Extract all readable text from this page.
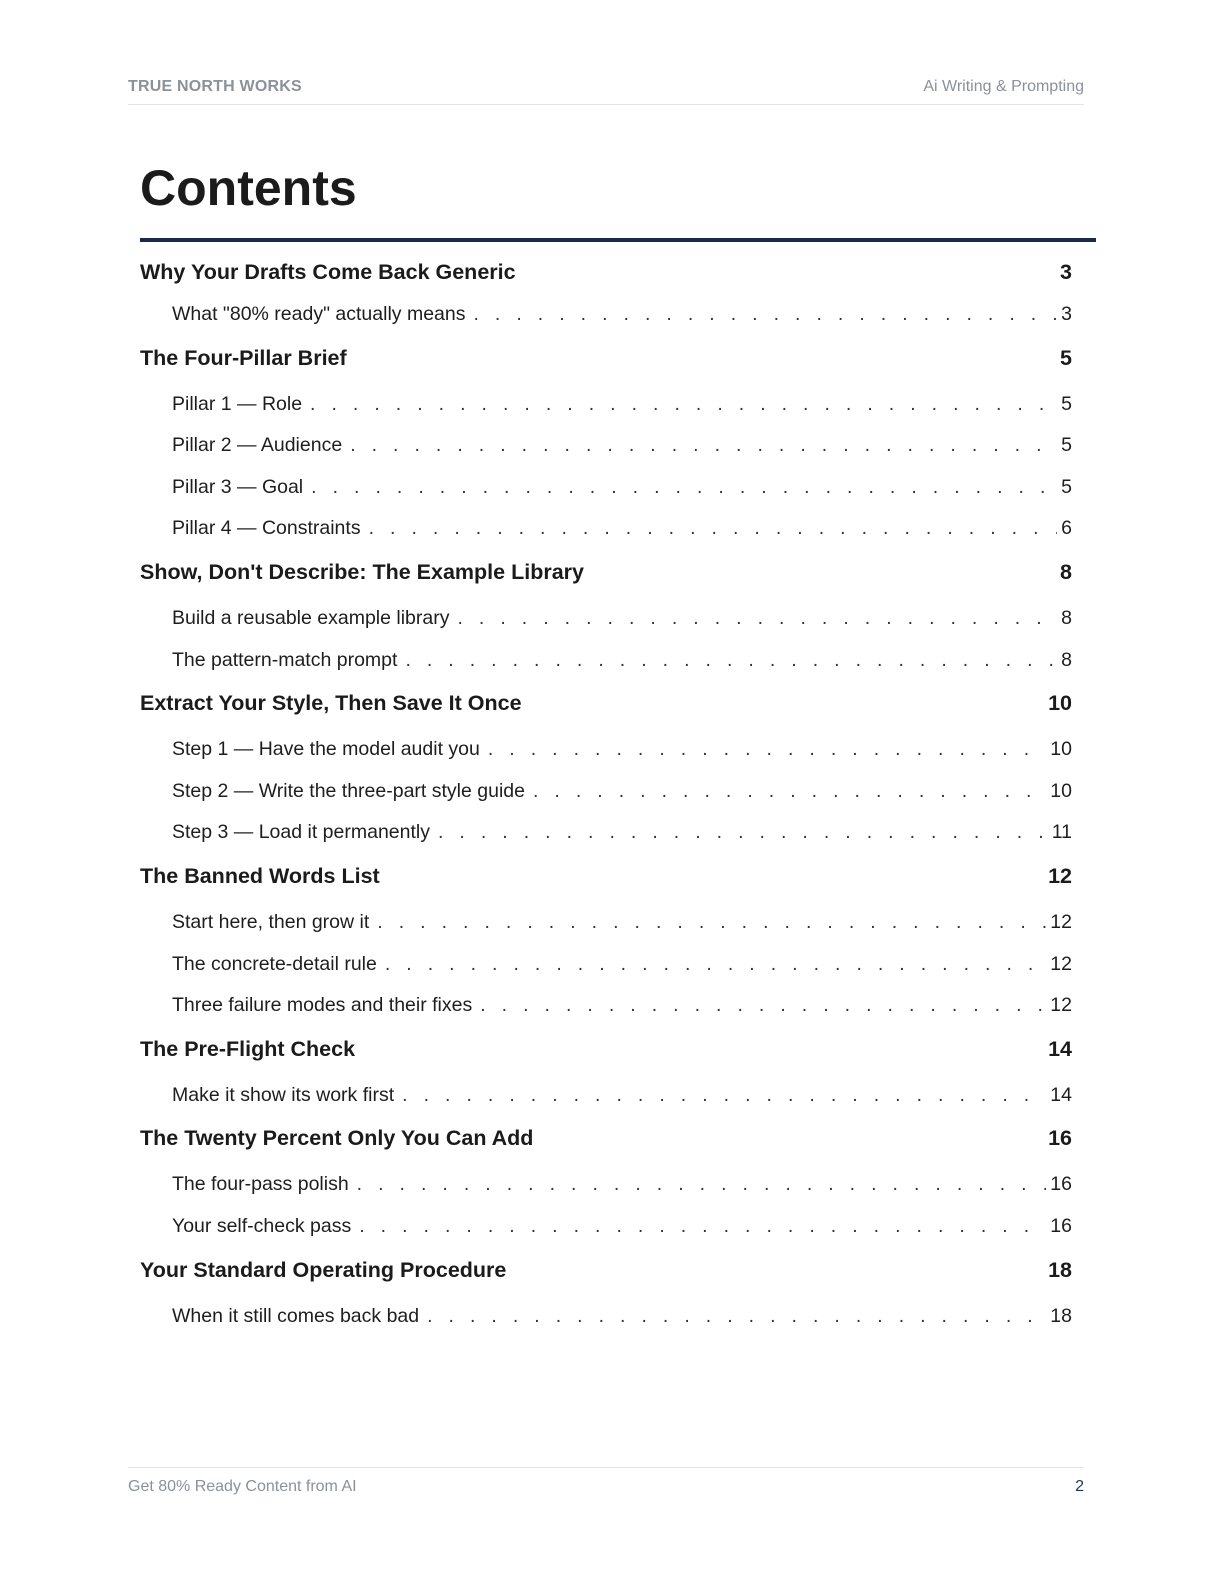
TRUE NORTH WORKS	Ai Writing & Prompting
Contents
Why Your Drafts Come Back Generic	3
What "80% ready" actually means . . .	3
The Four-Pillar Brief	5
Pillar 1 — Role . . .	5
Pillar 2 — Audience . . .	5
Pillar 3 — Goal . . .	5
Pillar 4 — Constraints . . .	6
Show, Don't Describe: The Example Library	8
Build a reusable example library . . .	8
The pattern-match prompt . . .	8
Extract Your Style, Then Save It Once	10
Step 1 — Have the model audit you . . .	10
Step 2 — Write the three-part style guide . . .	10
Step 3 — Load it permanently . . .	11
The Banned Words List	12
Start here, then grow it . . .	12
The concrete-detail rule . . .	12
Three failure modes and their fixes . . .	12
The Pre-Flight Check	14
Make it show its work first . . .	14
The Twenty Percent Only You Can Add	16
The four-pass polish . . .	16
Your self-check pass . . .	16
Your Standard Operating Procedure	18
When it still comes back bad . . .	18
Get 80% Ready Content from AI	2
